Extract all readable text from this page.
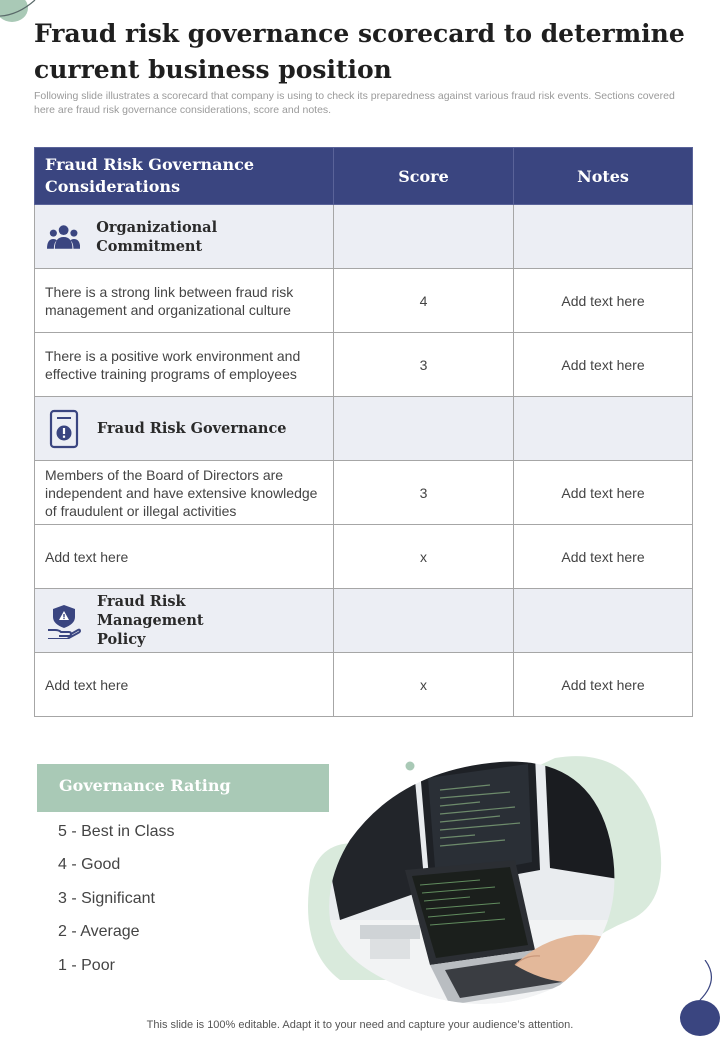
Fraud risk governance scorecard to determine current business position

Following slide illustrates a scorecard that company is using to check its preparedness against various fraud risk events. Sections covered here are fraud risk governance considerations, score and notes.

Fraud Risk Governance Considerations	Score	Notes

Organizational Commitment		

There is a strong link between fraud risk management and organizational culture	4	Add text here
There is a positive work environment and effective training programs of employees	3	Add text here

Fraud Risk Governance		

Members of the Board of Directors are independent and have extensive knowledge of fraudulent or illegal activities	3	Add text here
Add text here	x	Add text here

Fraud Risk Management Policy		

Add text here	x	Add text here
Governance Rating
5 - Best in Class
4 - Good
3 - Significant
2 - Average
1 - Poor
This slide is 100% editable. Adapt it to your need and capture your audience’s attention.
